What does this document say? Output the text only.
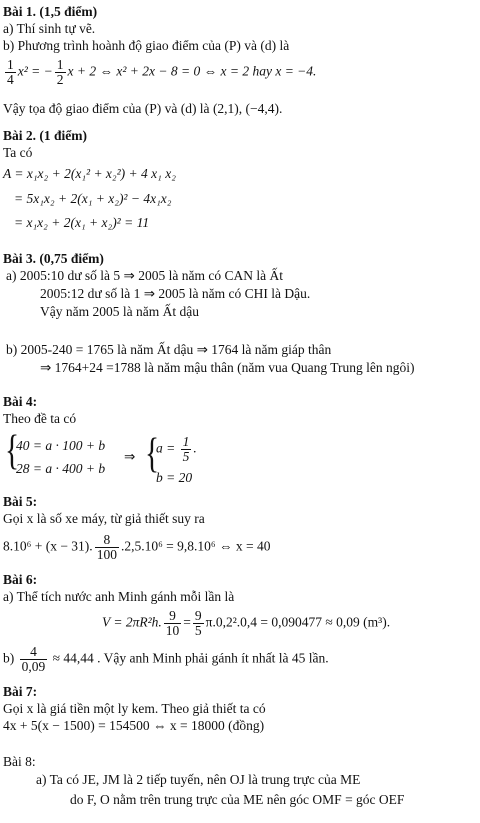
Bài 1. (1,5 điểm)
a) Thí sinh tự vẽ.
b) Phương trình hoành độ giao điểm của (P) và (d) là
$\frac{1}{4} x^2$ = − $\frac{1}{2}$ x + 2 ⇔ x² + 2x − 8 = 0 ⇔ x = 2 hay x = −4.
Vậy tọa độ giao điểm của (P) và (d) là (2,1), (−4,4).
Bài 2. (1 điểm)
Ta có
A = x₁x₂ + 2(x₁² + x₂²) + 4 x₁ x₂
= 5x₁x₂ + 2(x₁ + x₂)² − 4x₁x₂
= x₁x₂ + 2(x₁ + x₂)² = 11
Bài 3. (0,75 điểm)
a) 2005:10 dư số là 5 ⇒ 2005 là năm có CAN là Ất
2005:12 dư số là 1 ⇒ 2005 là năm có CHI là Dậu.
Vậy năm 2005 là năm Ất dậu
b) 2005-240 = 1765 là năm Ất dậu ⇒ 1764 là năm giáp thân
⇒ 1764+24 =1788 là năm mậu thân (năm vua Quang Trung lên ngôi)
Bài 4:
Theo đề ta có
{
40 = a · 100 + b
28 = a · 400 + b
⇒ {
$a = \frac{1}{5}$ .
b = 20
Bài 5:
Gọi x là số xe máy, từ giả thiết suy ra
8.10⁶ + (x − 31). $\frac{8}{100} .2,5.10^6 = 9,8.10^6$ ⇔ x = 40
Bài 6:
a) Thể tích nước anh Minh gánh mỗi lần là
V = 2πR²h. $\frac{9}{10} = \frac{9}{5} \pi.0,2^2.0,4 = 0,090477 \approx 0,09$ (m³).
$b) \frac{4}{0,09} \approx 44,44$ . Vậy anh Minh phải gánh ít nhất là 45 lần.
Bài 7:
Gọi x là giá tiền một ly kem. Theo giả thiết ta có
4x + 5(x − 1500) = 154500 ⇔ x = 18000 (đồng)
Bài 8:
a) Ta có JE, JM là 2 tiếp tuyến, nên OJ là trung trực của ME
do F, O nằm trên trung trực của ME nên góc OMF = góc OEF
